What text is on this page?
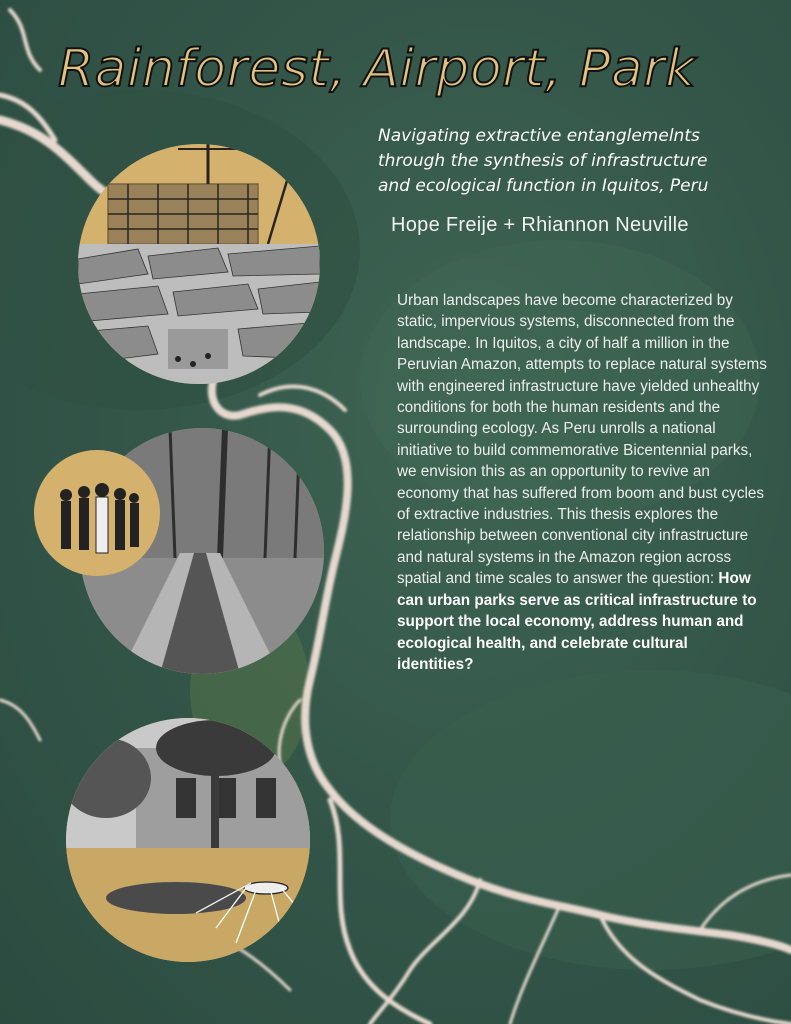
Rainforest, Airport, Park
Navigating extractive entanglemelnts
through the synthesis of infrastructure
and ecological function in Iquitos, Peru
Hope Freije + Rhiannon Neuville
Urban landscapes have become characterized by static, impervious systems, disconnected from the landscape. In Iquitos, a city of half a million in the Peruvian Amazon, attempts to replace natural systems with engineered infrastructure have yielded unhealthy conditions for both the human residents and the surrounding ecology. As Peru unrolls a national initiative to build commemorative Bicentennial parks, we envision this as an opportunity to revive an economy that has suffered from boom and bust cycles of extractive industries. This thesis explores the relationship between conventional city infrastructure and natural systems in the Amazon region across spatial and time scales to answer the question: How can urban parks serve as critical infrastructure to support the local economy, address human and ecological health, and celebrate cultural identities?
